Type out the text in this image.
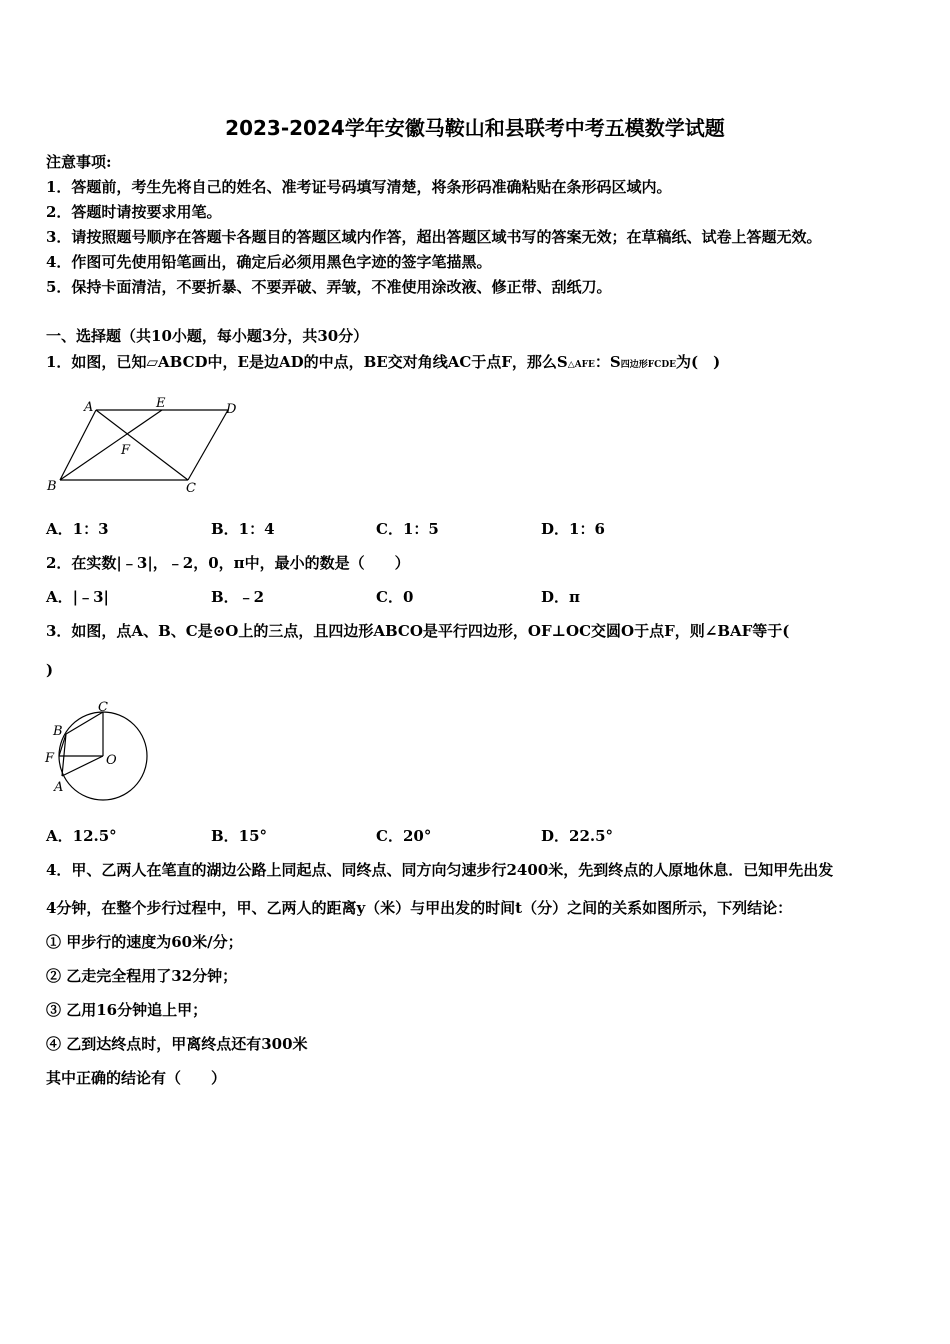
2023-2024学年安徽马鞍山和县联考中考五模数学试题
注意事项:
1．答题前，考生先将自己的姓名、准考证号码填写清楚，将条形码准确粘贴在条形码区域内。
2．答题时请按要求用笔。
3．请按照题号顺序在答题卡各题目的答题区域内作答，超出答题区域书写的答案无效；在草稿纸、试卷上答题无效。
4．作图可先使用铅笔画出，确定后必须用黑色字迹的签字笔描黑。
5．保持卡面清洁，不要折暴、不要弄破、弄皱，不准使用涂改液、修正带、刮纸刀。
一、选择题（共10小题，每小题3分，共30分）
1．如图，已知▱ABCD中，E是边AD的中点，BE交对角线AC于点F，那么S△AFE：S四边形FCDE为(　)
A	E	D
F
B	C
A．1：3	B．1：4	C．1：5	D．1：6
2．在实数|﹣3|，﹣2，0，π中，最小的数是（　　）
A．|﹣3|	B．﹣2	C．0	D．π
3．如图，点A、B、C是⊙O上的三点，且四边形ABCO是平行四边形，OF⊥OC交圆O于点F，则∠BAF等于(
)
C
B
F	O
A
A．12.5°	B．15°	C．20°	D．22.5°
4．甲、乙两人在笔直的湖边公路上同起点、同终点、同方向匀速步行2400米，先到终点的人原地休息．已知甲先出发
4分钟，在整个步行过程中，甲、乙两人的距离y（米）与甲出发的时间t（分）之间的关系如图所示，下列结论：
① 甲步行的速度为60米/分；
② 乙走完全程用了32分钟；
③ 乙用16分钟追上甲；
④ 乙到达终点时，甲离终点还有300米
其中正确的结论有（　　）
